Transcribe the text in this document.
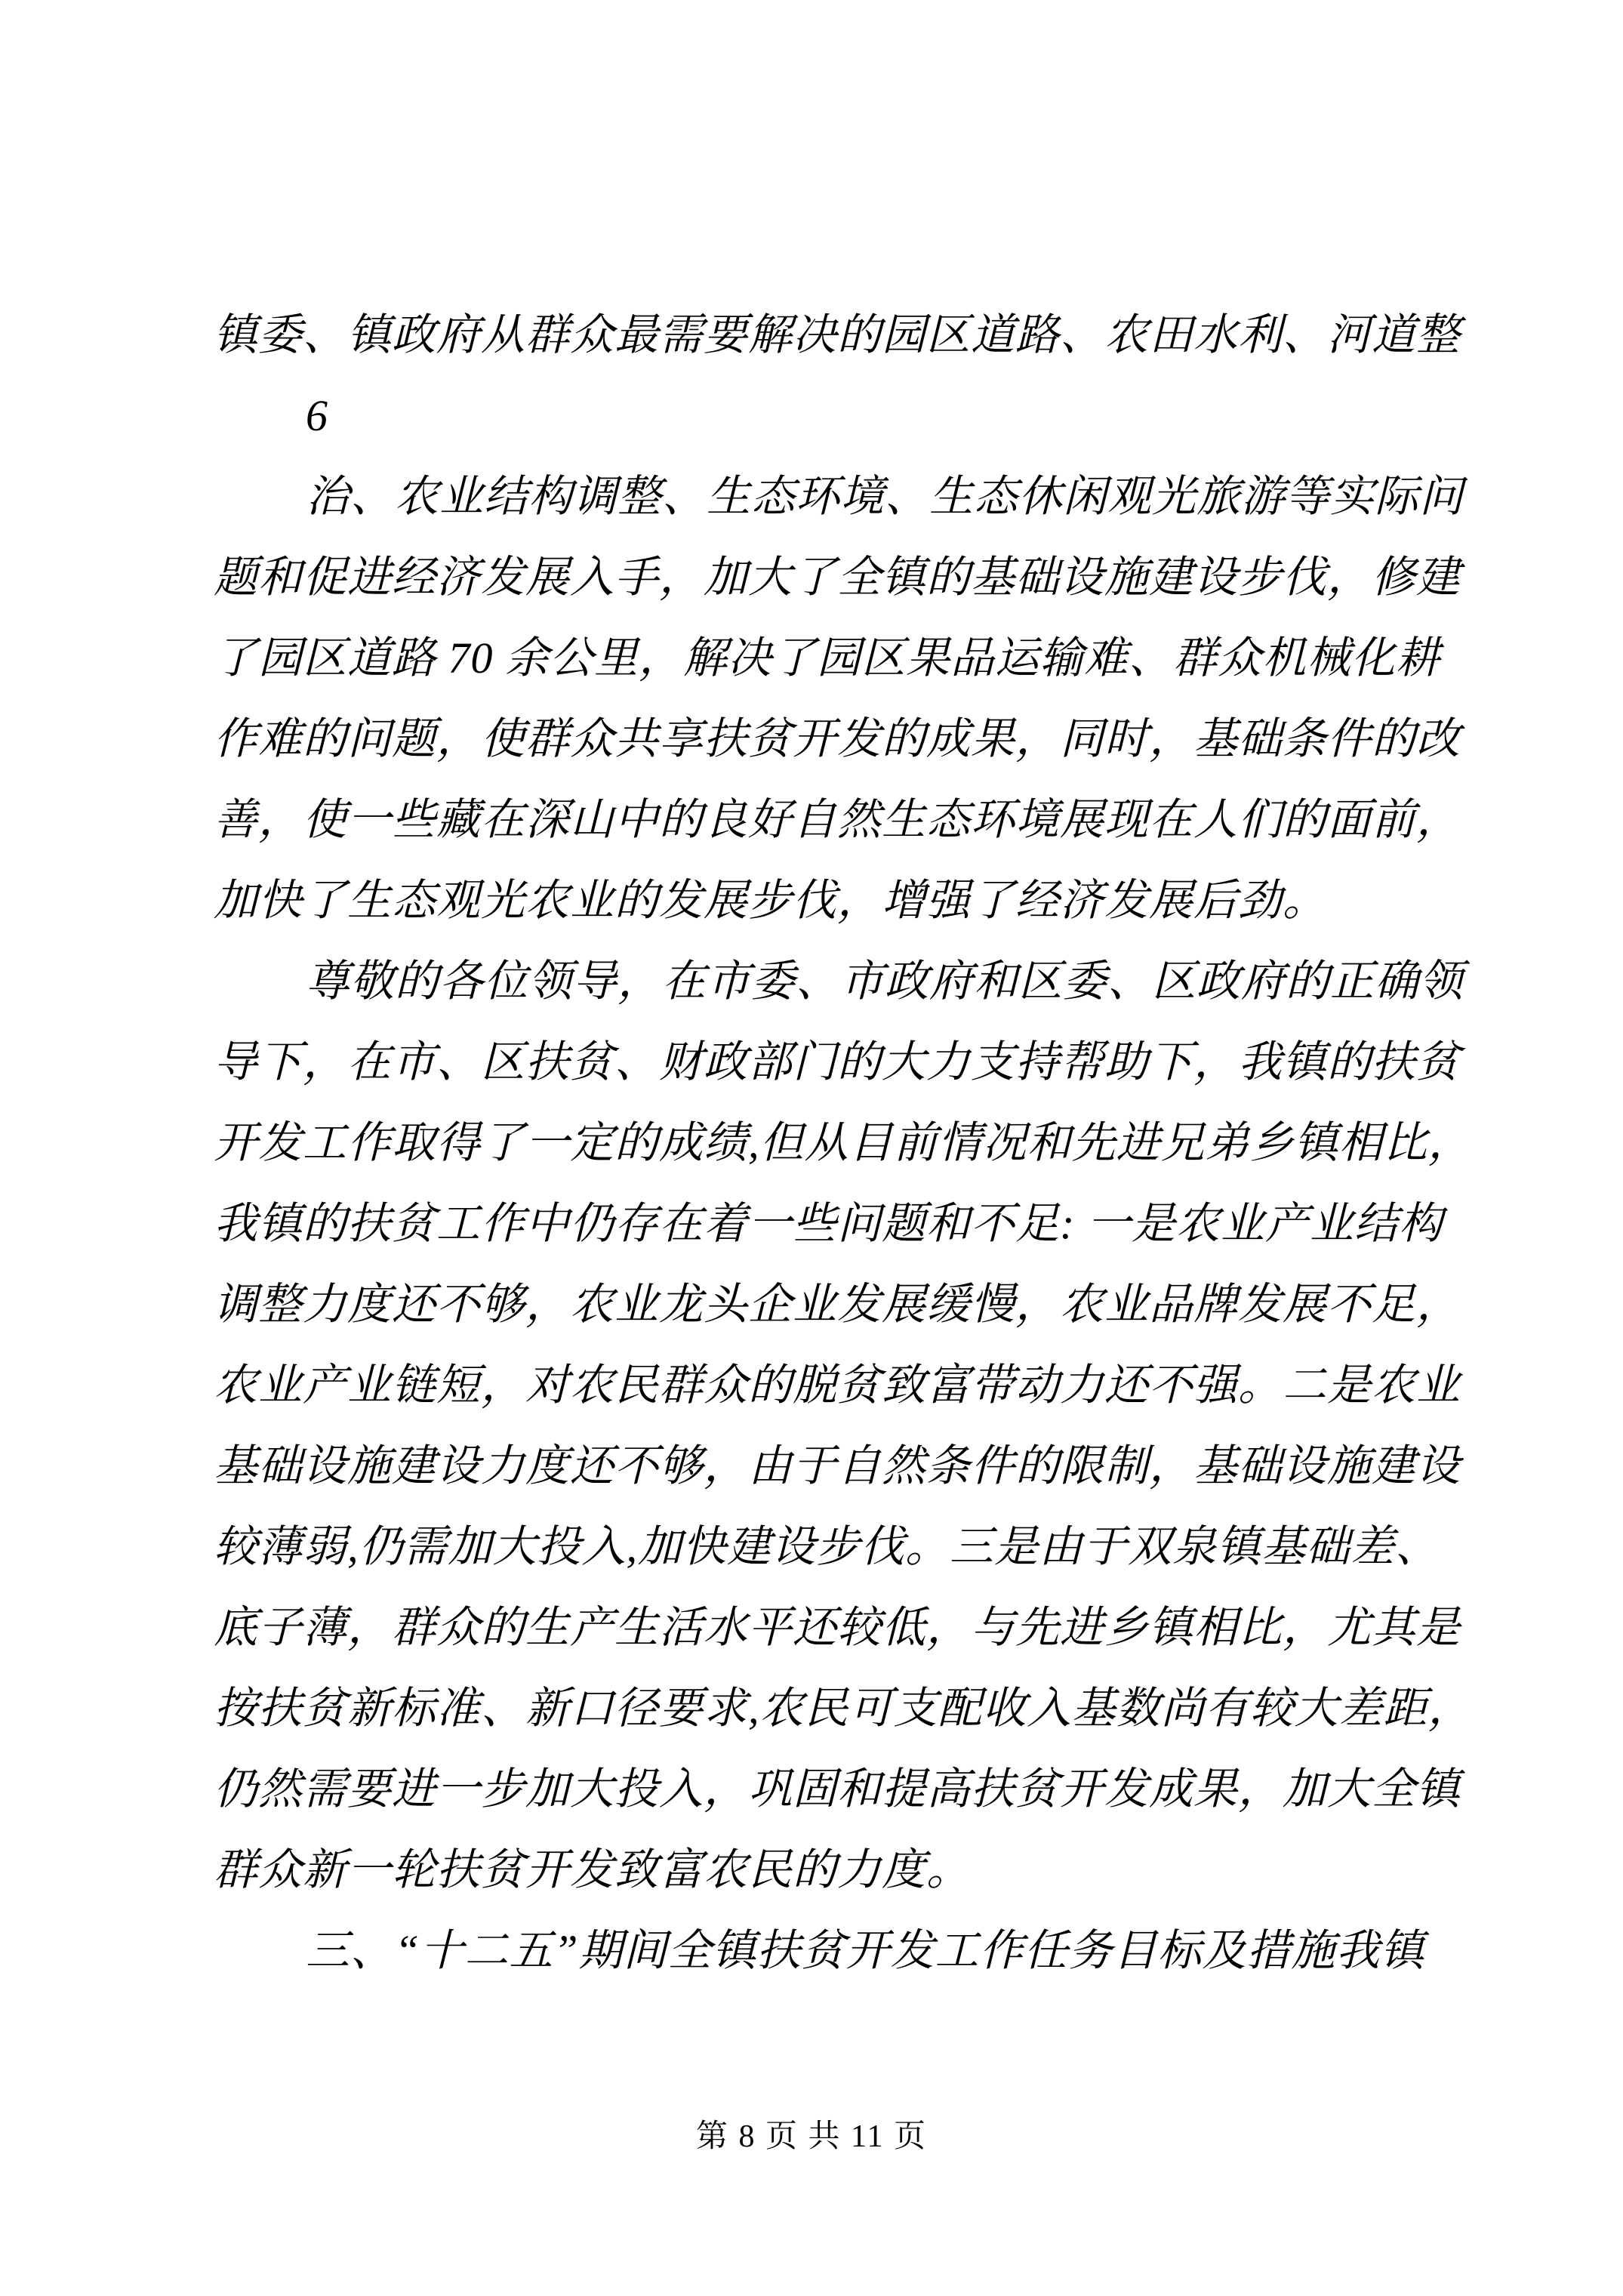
镇委、镇政府从群众最需要解决的园区道路、农田水利、河道整
6
治、农业结构调整、生态环境、生态休闲观光旅游等实际问
题和促进经济发展入手，加大了全镇的基础设施建设步伐，修建
了园区道路 70 余公里，解决了园区果品运输难、群众机械化耕
作难的问题，使群众共享扶贫开发的成果，同时，基础条件的改
善，使一些藏在深山中的良好自然生态环境展现在人们的面前，
加快了生态观光农业的发展步伐，增强了经济发展后劲。
尊敬的各位领导，在市委、市政府和区委、区政府的正确领
导下，在市、区扶贫、财政部门的大力支持帮助下，我镇的扶贫
开发工作取得了一定的成绩,但从目前情况和先进兄弟乡镇相比，
我镇的扶贫工作中仍存在着一些问题和不足: 一是农业产业结构
调整力度还不够，农业龙头企业发展缓慢，农业品牌发展不足，
农业产业链短，对农民群众的脱贫致富带动力还不强。二是农业
基础设施建设力度还不够，由于自然条件的限制，基础设施建设
较薄弱,仍需加大投入,加快建设步伐。三是由于双泉镇基础差、
底子薄，群众的生产生活水平还较低，与先进乡镇相比，尤其是
按扶贫新标准、新口径要求,农民可支配收入基数尚有较大差距，
仍然需要进一步加大投入，巩固和提高扶贫开发成果，加大全镇
群众新一轮扶贫开发致富农民的力度。
三、“十二五”期间全镇扶贫开发工作任务目标及措施我镇
第 8 页 共 11 页
